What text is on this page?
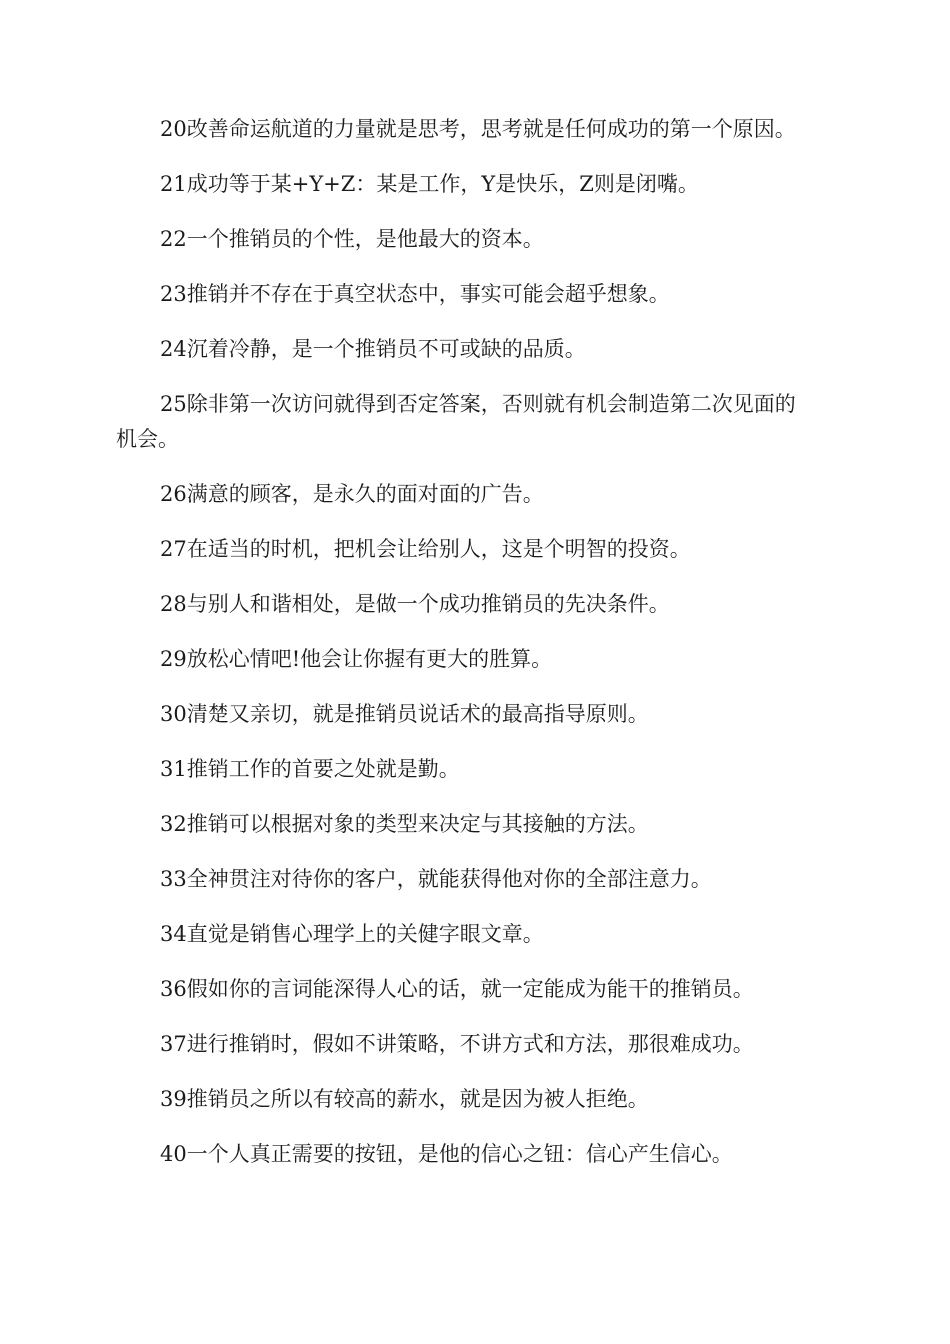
20改善命运航道的力量就是思考，思考就是任何成功的第一个原因。

21成功等于某+Y+Z：某是工作，Y是快乐，Z则是闭嘴。

22一个推销员的个性，是他最大的资本。

23推销并不存在于真空状态中，事实可能会超乎想象。

24沉着冷静，是一个推销员不可或缺的品质。

25除非第一次访问就得到否定答案，否则就有机会制造第二次见面的机会。

26满意的顾客，是永久的面对面的广告。

27在适当的时机，把机会让给别人，这是个明智的投资。

28与别人和谐相处，是做一个成功推销员的先决条件。

29放松心情吧!他会让你握有更大的胜算。

30清楚又亲切，就是推销员说话术的最高指导原则。

31推销工作的首要之处就是勤。

32推销可以根据对象的类型来决定与其接触的方法。

33全神贯注对待你的客户，就能获得他对你的全部注意力。

34直觉是销售心理学上的关健字眼文章。

36假如你的言词能深得人心的话，就一定能成为能干的推销员。

37进行推销时，假如不讲策略，不讲方式和方法，那很难成功。

39推销员之所以有较高的薪水，就是因为被人拒绝。

40一个人真正需要的按钮，是他的信心之钮：信心产生信心。
